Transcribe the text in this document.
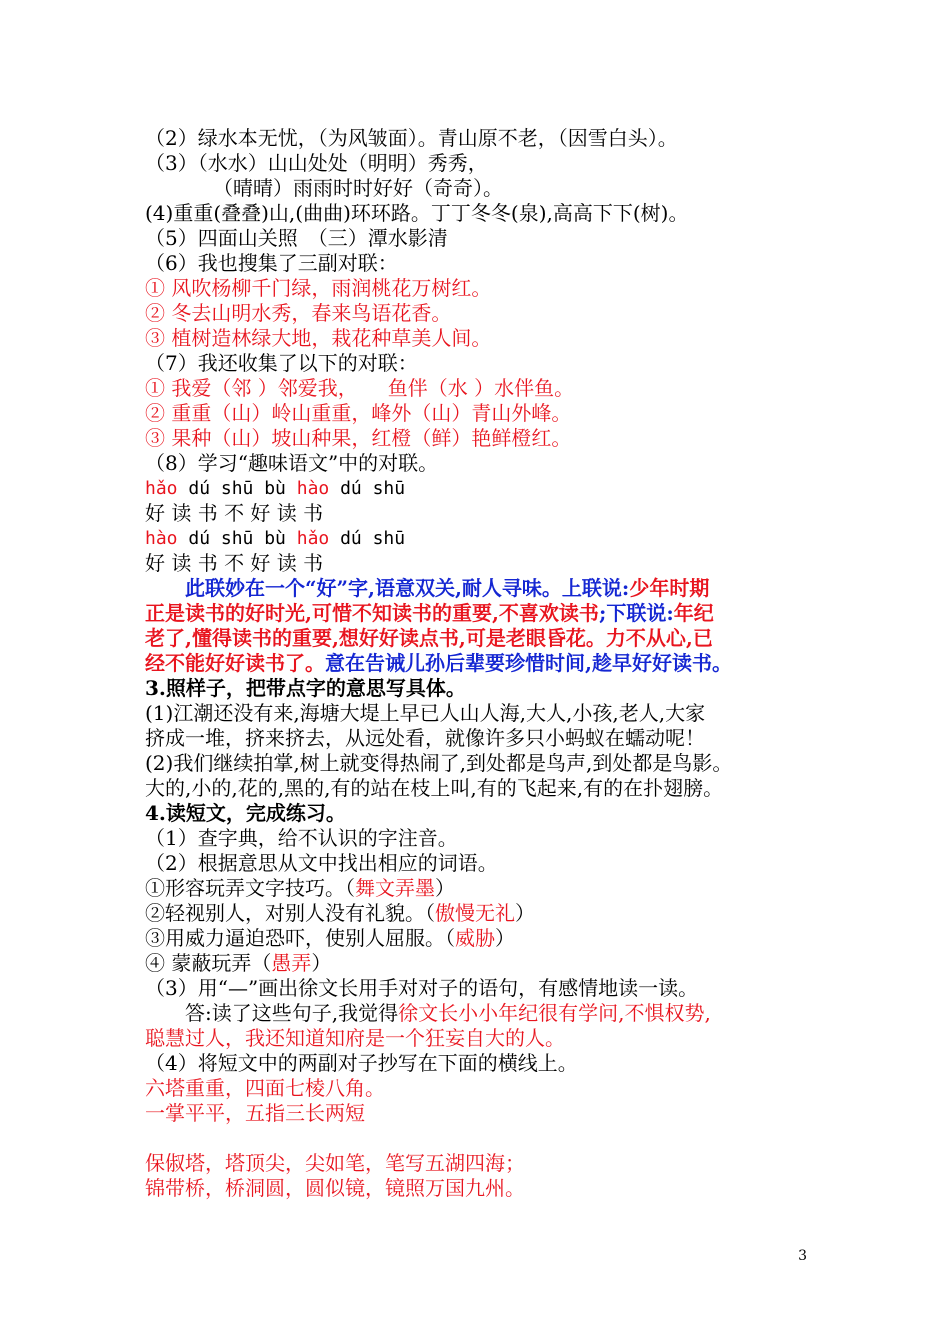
（2）绿水本无忧，（为风皱面）。青山原不老，（因雪白头）。
（3）（水水）山山处处（明明）秀秀，
（晴晴）雨雨时时好好（奇奇）。
(4)重重(叠叠)山,(曲曲)环环路。丁丁冬冬(泉),高高下下(树)。
（5）四面山关照　（三）潭水影清
（6）我也搜集了三副对联：
① 风吹杨柳千门绿，雨润桃花万树红。
② 冬去山明水秀，春来鸟语花香。
③ 植树造林绿大地，栽花种草美人间。
（7）我还收集了以下的对联：
① 我爱（邻 ）邻爱我，　　鱼伴（水 ）水伴鱼。
② 重重（山）岭山重重，峰外（山）青山外峰。
③ 果种（山）坡山种果，红橙（鲜）艳鲜橙红。
（8）学习“趣味语文”中的对联。
hǎo dú shū bù hào dú shū
好 读 书 不 好 读 书
hào dú shū bù hǎo dú shū
好 读 书 不 好 读 书
　　此联妙在一个“好”字,语意双关,耐人寻味。上联说:少年时期
正是读书的好时光,可惜不知读书的重要,不喜欢读书;下联说:年纪
老了,懂得读书的重要,想好好读点书,可是老眼昏花。力不从心,已
经不能好好读书了。意在告诫儿孙后辈要珍惜时间,趁早好好读书。
3.照样子，把带点字的意思写具体。
(1)江潮还没有来,海塘大堤上早已人山人海,大人,小孩,老人,大家
挤成一堆，挤来挤去，从远处看，就像许多只小蚂蚁在蠕动呢！
(2)我们继续拍掌,树上就变得热闹了,到处都是鸟声,到处都是鸟影。
大的,小的,花的,黑的,有的站在枝上叫,有的飞起来,有的在扑翅膀。
4.读短文，完成练习。
（1）查字典，给不认识的字注音。
（2）根据意思从文中找出相应的词语。
①形容玩弄文字技巧。（舞文弄墨）
②轻视别人，对别人没有礼貌。（傲慢无礼）
③用威力逼迫恐吓，使别人屈服。（威胁）
④ 蒙蔽玩弄（愚弄）
（3）用“—”画出徐文长用手对对子的语句，有感情地读一读。
　　答:读了这些句子,我觉得徐文长小小年纪很有学问,不惧权势,
聪慧过人，我还知道知府是一个狂妄自大的人。
（4）将短文中的两副对子抄写在下面的横线上。
六塔重重，四面七棱八角。
一掌平平，五指三长两短
保俶塔，塔顶尖，尖如笔，笔写五湖四海；
锦带桥，桥洞圆，圆似镜，镜照万国九州。
3
